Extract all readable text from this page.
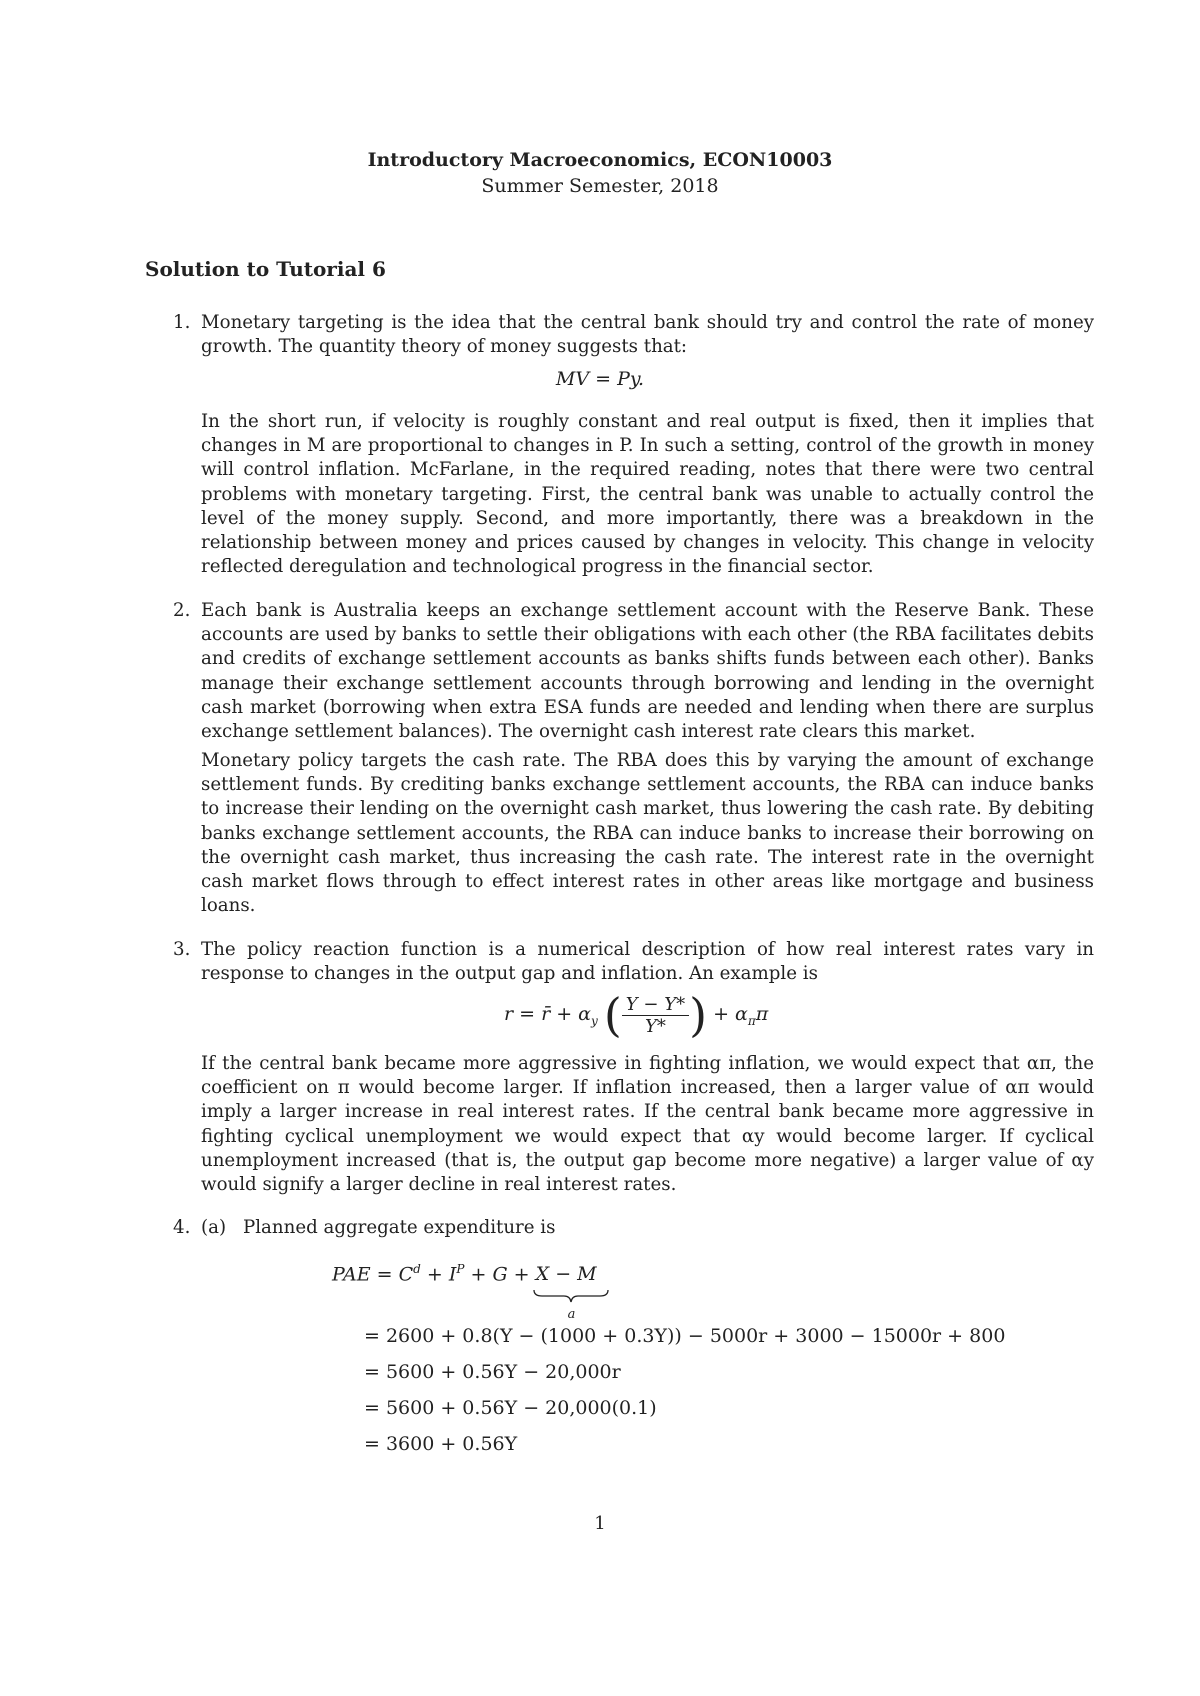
Introductory Macroeconomics, ECON10003
Summer Semester, 2018
Solution to Tutorial 6
1. Monetary targeting is the idea that the central bank should try and control the rate of money growth. The quantity theory of money suggests that:
MV = Py.
In the short run, if velocity is roughly constant and real output is fixed, then it implies that changes in M are proportional to changes in P. In such a setting, control of the growth in money will control inflation. McFarlane, in the required reading, notes that there were two central problems with monetary targeting. First, the central bank was unable to actually control the level of the money supply. Second, and more importantly, there was a breakdown in the relationship between money and prices caused by changes in velocity. This change in velocity reflected deregulation and technological progress in the financial sector.
2. Each bank is Australia keeps an exchange settlement account with the Reserve Bank. These accounts are used by banks to settle their obligations with each other (the RBA facilitates debits and credits of exchange settlement accounts as banks shifts funds between each other). Banks manage their exchange settlement accounts through borrowing and lending in the overnight cash market (borrowing when extra ESA funds are needed and lending when there are surplus exchange settlement balances). The overnight cash interest rate clears this market.
Monetary policy targets the cash rate. The RBA does this by varying the amount of exchange settlement funds. By crediting banks exchange settlement accounts, the RBA can induce banks to increase their lending on the overnight cash market, thus lowering the cash rate. By debiting banks exchange settlement accounts, the RBA can induce banks to increase their borrowing on the overnight cash market, thus increasing the cash rate. The interest rate in the overnight cash market flows through to effect interest rates in other areas like mortgage and business loans.
3. The policy reaction function is a numerical description of how real interest rates vary in response to changes in the output gap and inflation. An example is
r = r̄ + $\alpha_y$ ( $\frac{Y - Y*}{Y*}$ ) + $\alpha_\pi\pi$
If the central bank became more aggressive in fighting inflation, we would expect that απ, the coefficient on π would become larger. If inflation increased, then a larger value of απ would imply a larger increase in real interest rates. If the central bank became more aggressive in fighting cyclical unemployment we would expect that αy would become larger. If cyclical unemployment increased (that is, the output gap become more negative) a larger value of αy would signify a larger decline in real interest rates.
4. (a) Planned aggregate expenditure is
PAE = $C^d + I^P + G + X - M$
a
= 2600 + 0.8(Y − (1000 + 0.3Y)) − 5000r + 3000 − 15000r + 800
= 5600 + 0.56Y − 20,000r
= 5600 + 0.56Y − 20,000(0.1)
= 3600 + 0.56Y
1
